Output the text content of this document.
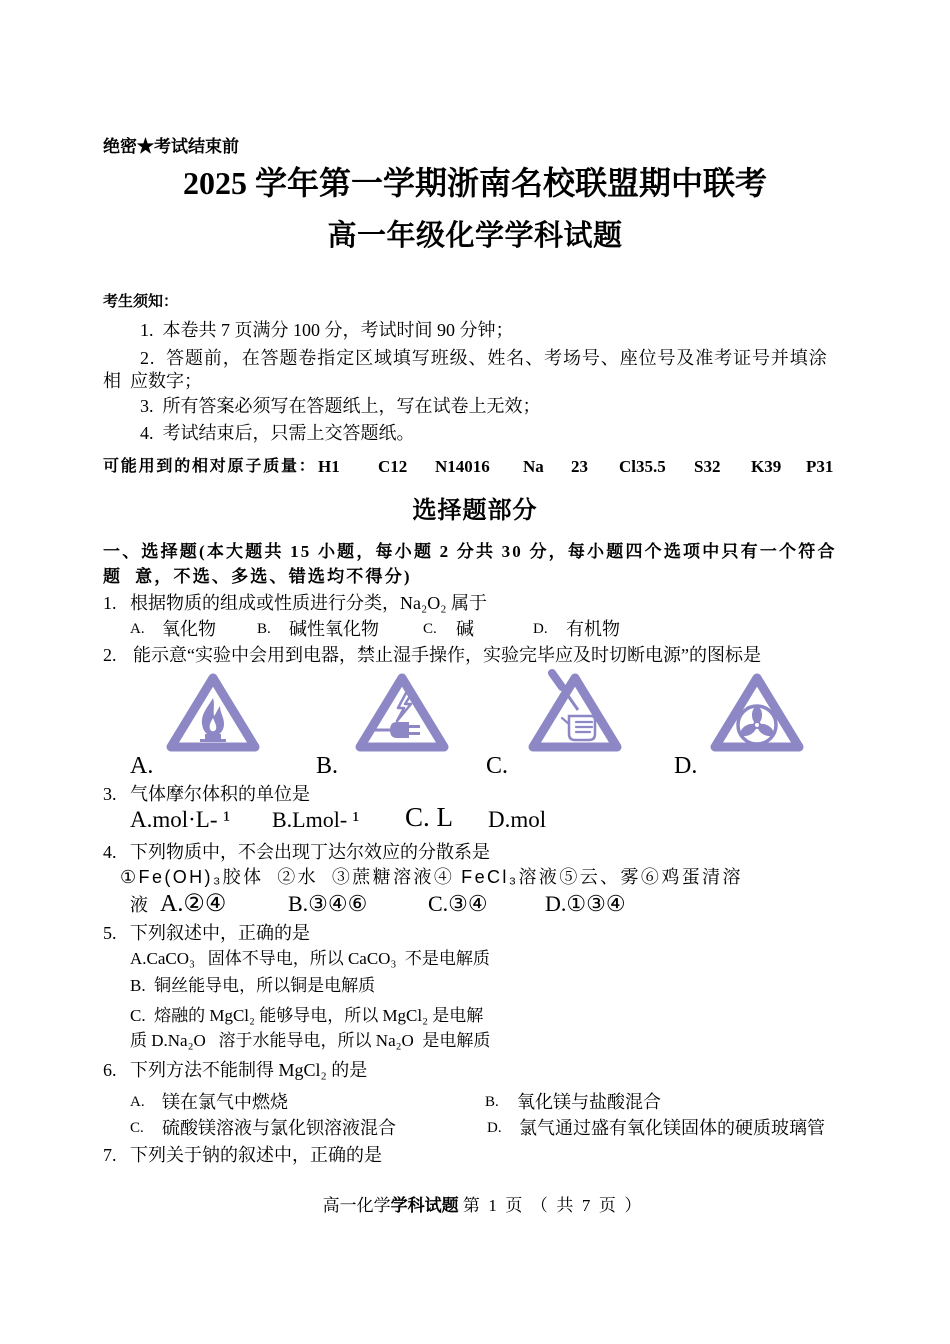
绝密★考试结束前
2025 学年第一学期浙南名校联盟期中联考
高一年级化学学科试题
考生须知：
1.  本卷共 7 页满分 100 分，考试时间 90 分钟；
2.  答题前，在答题卷指定区域填写班级、姓名、考场号、座位号及准考证号并填涂
相  应数字；
3.  所有答案必须写在答题纸上，写在试卷上无效；
4.  考试结束后，只需上交答题纸。
可能用到的相对原子质量： H1 C12 N14016 Na 23 Cl35.5 S32 K39 P31
选择题部分
一、选择题(本大题共 15 小题，每小题 2 分共 30 分，每小题四个选项中只有一个符合
题  意，不选、多选、错选均不得分)
1. 根据物质的组成或性质进行分类，Na₂O₂ 属于
A. 氧化物	B. 碱性氧化物	C. 碱	D. 有机物
2. 能示意“实验中会用到电器，禁止湿手操作，实验完毕应及时切断电源”的图标是
A.	B.	C.	D.
3. 气体摩尔体积的单位是
A.mol·L- ¹ B.Lmol- ¹ C. L D.mol
4. 下列物质中，不会出现丁达尔效应的分散系是
①Fe(OH)₃胶体  ②水  ③蔗糖溶液④ FeCl₃溶液⑤云、雾⑥鸡蛋清溶
液 A.②④	B.③④⑥	C.③④	D.①③④
5. 下列叙述中，正确的是
A.CaCO₃   固体不导电，所以 CaCO₃  不是电解质
B.  铜丝能导电，所以铜是电解质
C.  熔融的 MgCl₂ 能够导电，所以 MgCl₂ 是电解
质 D.Na₂O   溶于水能导电，所以 Na₂O  是电解质
6. 下列方法不能制得 MgCl₂ 的是
A. 镁在氯气中燃烧	B. 氧化镁与盐酸混合
C. 硫酸镁溶液与氯化钡溶液混合	D. 氯气通过盛有氧化镁固体的硬质玻璃管
7. 下列关于钠的叙述中，正确的是
高一化学学科试题 第  1  页  （  共  7  页  ）
